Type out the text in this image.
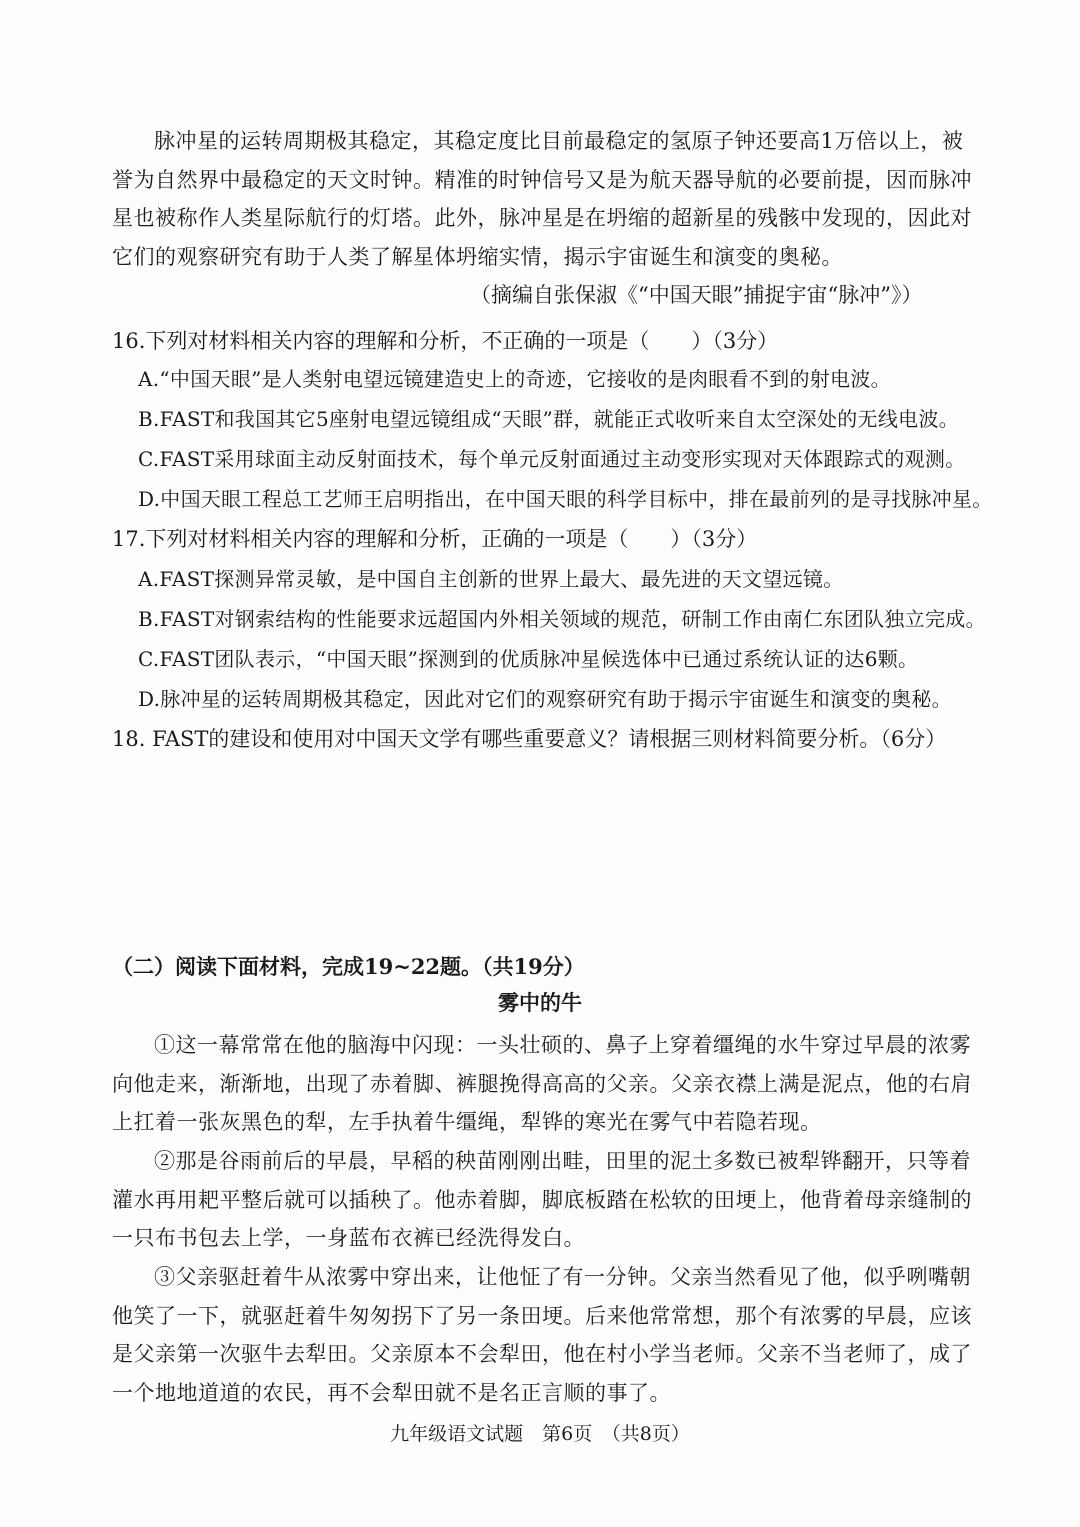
脉冲星的运转周期极其稳定，其稳定度比目前最稳定的氢原子钟还要高1万倍以上，被誉为自然界中最稳定的天文时钟。精准的时钟信号又是为航天器导航的必要前提，因而脉冲星也被称作人类星际航行的灯塔。此外，脉冲星是在坍缩的超新星的残骸中发现的，因此对它们的观察研究有助于人类了解星体坍缩实情，揭示宇宙诞生和演变的奥秘。

（摘编自张保淑《“中国天眼”捕捉宇宙“脉冲”》）
16.下列对材料相关内容的理解和分析，不正确的一项是（　　）（3分）
A.“中国天眼”是人类射电望远镜建造史上的奇迹，它接收的是肉眼看不到的射电波。
B.FAST和我国其它5座射电望远镜组成“天眼”群，就能正式收听来自太空深处的无线电波。
C.FAST采用球面主动反射面技术，每个单元反射面通过主动变形实现对天体跟踪式的观测。
D.中国天眼工程总工艺师王启明指出，在中国天眼的科学目标中，排在最前列的是寻找脉冲星。
17.下列对材料相关内容的理解和分析，正确的一项是（　　）（3分）
A.FAST探测异常灵敏，是中国自主创新的世界上最大、最先进的天文望远镜。
B.FAST对钢索结构的性能要求远超国内外相关领域的规范，研制工作由南仁东团队独立完成。
C.FAST团队表示，“中国天眼”探测到的优质脉冲星候选体中已通过系统认证的达6颗。
D.脉冲星的运转周期极其稳定，因此对它们的观察研究有助于揭示宇宙诞生和演变的奥秘。
18. FAST的建设和使用对中国天文学有哪些重要意义？请根据三则材料简要分析。（6分）
（二）阅读下面材料，完成19~22题。（共19分）
雾中的牛

①这一幕常常在他的脑海中闪现：一头壮硕的、鼻子上穿着缰绳的水牛穿过早晨的浓雾向他走来，渐渐地，出现了赤着脚、裤腿挽得高高的父亲。父亲衣襟上满是泥点，他的右肩上扛着一张灰黑色的犁，左手执着牛缰绳，犁铧的寒光在雾气中若隐若现。

②那是谷雨前后的早晨，早稻的秧苗刚刚出畦，田里的泥土多数已被犁铧翻开，只等着灌水再用耙平整后就可以插秧了。他赤着脚，脚底板踏在松软的田埂上，他背着母亲缝制的一只布书包去上学，一身蓝布衣裤已经洗得发白。

③父亲驱赶着牛从浓雾中穿出来，让他怔了有一分钟。父亲当然看见了他，似乎咧嘴朝他笑了一下，就驱赶着牛匆匆拐下了另一条田埂。后来他常常想，那个有浓雾的早晨，应该是父亲第一次驱牛去犁田。父亲原本不会犁田，他在村小学当老师。父亲不当老师了，成了一个地地道道的农民，再不会犁田就不是名正言顺的事了。

九年级语文试题　第6页　（共8页）
